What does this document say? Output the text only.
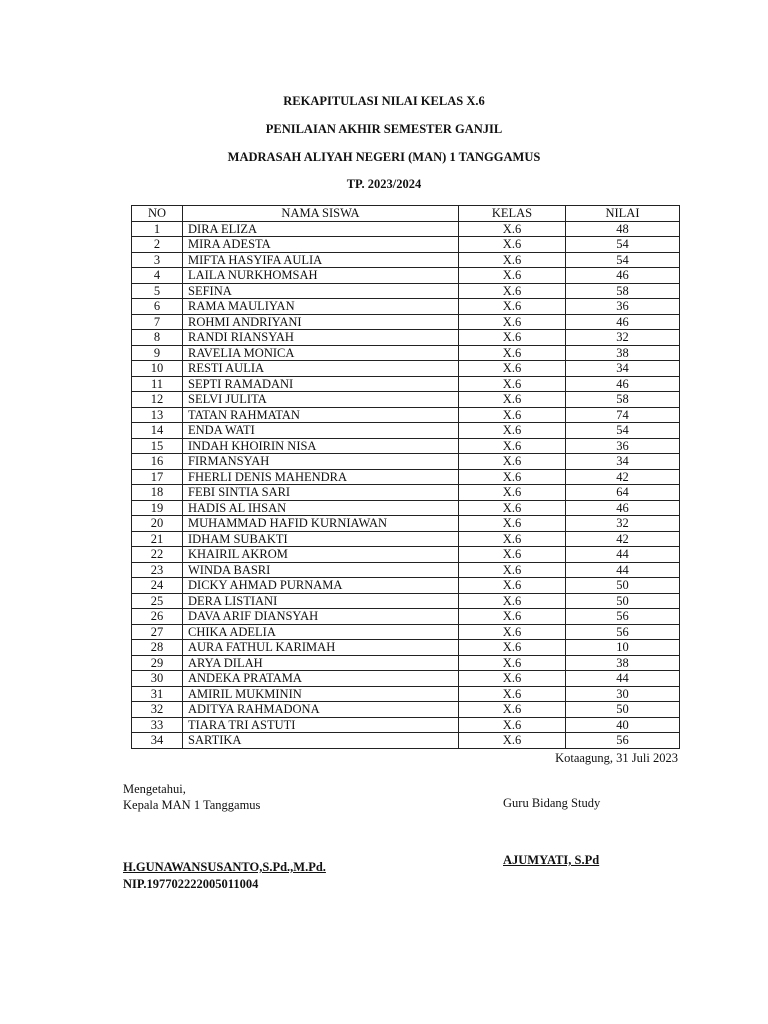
REKAPITULASI NILAI KELAS X.6
PENILAIAN AKHIR SEMESTER GANJIL
MADRASAH ALIYAH NEGERI (MAN) 1 TANGGAMUS
TP. 2023/2024
NO	NAMA SISWA	KELAS	NILAI
1	DIRA ELIZA	X.6	48
2	MIRA ADESTA	X.6	54
3	MIFTA HASYIFA AULIA	X.6	54
4	LAILA NURKHOMSAH	X.6	46
5	SEFINA	X.6	58
6	RAMA MAULIYAN	X.6	36
7	ROHMI ANDRIYANI	X.6	46
8	RANDI RIANSYAH	X.6	32
9	RAVELIA MONICA	X.6	38
10	RESTI AULIA	X.6	34
11	SEPTI RAMADANI	X.6	46
12	SELVI JULITA	X.6	58
13	TATAN RAHMATAN	X.6	74
14	ENDA WATI	X.6	54
15	INDAH KHOIRIN NISA	X.6	36
16	FIRMANSYAH	X.6	34
17	FHERLI DENIS MAHENDRA	X.6	42
18	FEBI SINTIA SARI	X.6	64
19	HADIS AL IHSAN	X.6	46
20	MUHAMMAD HAFID KURNIAWAN	X.6	32
21	IDHAM SUBAKTI	X.6	42
22	KHAIRIL AKROM	X.6	44
23	WINDA BASRI	X.6	44
24	DICKY AHMAD PURNAMA	X.6	50
25	DERA LISTIANI	X.6	50
26	DAVA ARIF DIANSYAH	X.6	56
27	CHIKA ADELIA	X.6	56
28	AURA FATHUL KARIMAH	X.6	10
29	ARYA DILAH	X.6	38
30	ANDEKA PRATAMA	X.6	44
31	AMIRIL MUKMININ	X.6	30
32	ADITYA RAHMADONA	X.6	50
33	TIARA TRI ASTUTI	X.6	40
34	SARTIKA	X.6	56
Kotaagung, 31 Juli 2023
Mengetahui,
Kepala MAN 1 Tanggamus	Guru Bidang Study
H.GUNAWANSUSANTO,S.Pd.,M.Pd.
NIP.197702222005011004
AJUMYATI, S.Pd
